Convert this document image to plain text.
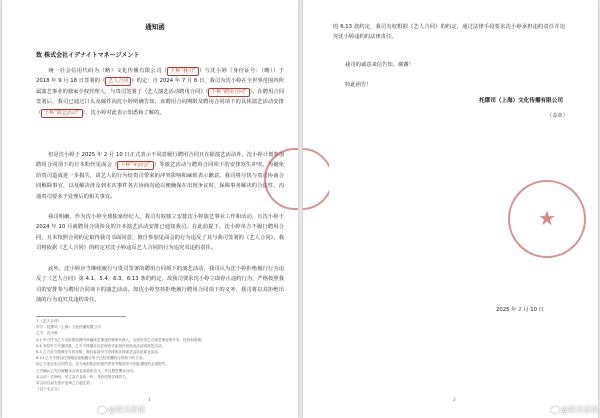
通知函
致 株式会社イデナイトマネージメント

统一社会信用代码为（略）文化传播有限公司（ 下称“我司” ）与沈小婷（身份证号：（略））于 2018 年 9 月 18 日签署的《 艺人合同 》约定：自 2024 年 7 月 8 日，我司为沈小婷在全世界范围内所属演艺事业的独家全权代理人，与贵司签署了《艺人演艺活动聘用合同》（ 下称“聘用合同” ）。在聘用合同签署后，我司已通过口头及邮件向沈小婷明确告知，该聘用合同期限及聘用合同项下的具体演艺活动安排（ 下称“演艺活动” ），沈小婷对此表示知悉和了解的。

但是沈小婷于 2025 年 2 月 10 日正式表示不同意履行聘用合同且在除演艺活动外，沈小婷计划参加聘用合同项下的日本粉丝见面会（ 下称“见面会” ）等演艺活动与聘用合同项下的安排发生冲突。为避免给贵司造成进一步损失，请艺人的行为给贵司带来的冲突影响和麻烦表示歉意。我司将尽快与贵司协商合同解除事宜，以及解决涉及到本次事件各方协商沟通以便确保在出现争议时，保障事务解决的合法性，沟通贵司要多于处理后的相关事宜。

我司明确，作为沈小婷全球独家经纪人，我司有权独立安排沈小婷演艺事业工作和活动，且沈小婷于 2024 年 10 月就聘用合同涉及的日本演艺活动安排已通知我司。在此前提下，沈小婷单方不履行聘用合同，且未按照合同约定取得我司书面同意，擅自参加见面会的行为违反了其与我司签署的《艺人合同》。我司将依据《艺人合同》的约定对沈小婷违反艺人合同的行为追究其违约责任。

此外，沈小婷应当继续履行与贵司签署的聘用合同项下的演艺活动，我司认为沈小婷拒绝履行行为违反了《艺人合同》第 4.1、5.4、6.3、6.13 条的约定，故我司要求沈小婷立即停止违约行为，严格按照我司的安排参与聘用合同项下的演艺活动。如沈小婷坚持拒绝履行聘用合同项下的义务，我司将以其拒绝出演的行为追究其违约责任。

1 《艺人合同》
甲方：托缪司（上海）文化传播有限公司
乙方：沈小婷
4.1 甲方作为乙方全世界范围内所属演艺事业的独家代理人，全权负责乙方演艺事业的开发、经营和管理。
5.4 未经甲方书面同意，乙方不得擅自以任何形式参加任何商业活动或演艺活动。
6.3 乙方应当按照甲方的安排，准时参加甲方安排的各项演艺活动及商业活动。
6.13 乙方不得以任何理由拒绝履行甲方已经签署的合同项下的义务。
如乙方违反本合同约定，应当承担相应的违约责任并赔偿甲方因此遭受的全部损失。
乙方确认已充分理解本合同各条款的含义，并自愿签署本合同。
本合同一式两份，甲乙双方各执一份，具有同等法律效力。
本合同自双方签字盖章之日起生效。
（以下无正文）
1
@娱乐新报

的 6.13 款约定，我司有权根据《艺人合同》的约定，通过法律手段要求沈小婷承担违约责任并追究沈小婷违约的法律责任。

我司的诚意来信告知，谢谢！
特此函告！
托缪司（上海）文化传播有限公司
（盖章）
★
2025 年 2 月 10 日
2
@娱乐新报
